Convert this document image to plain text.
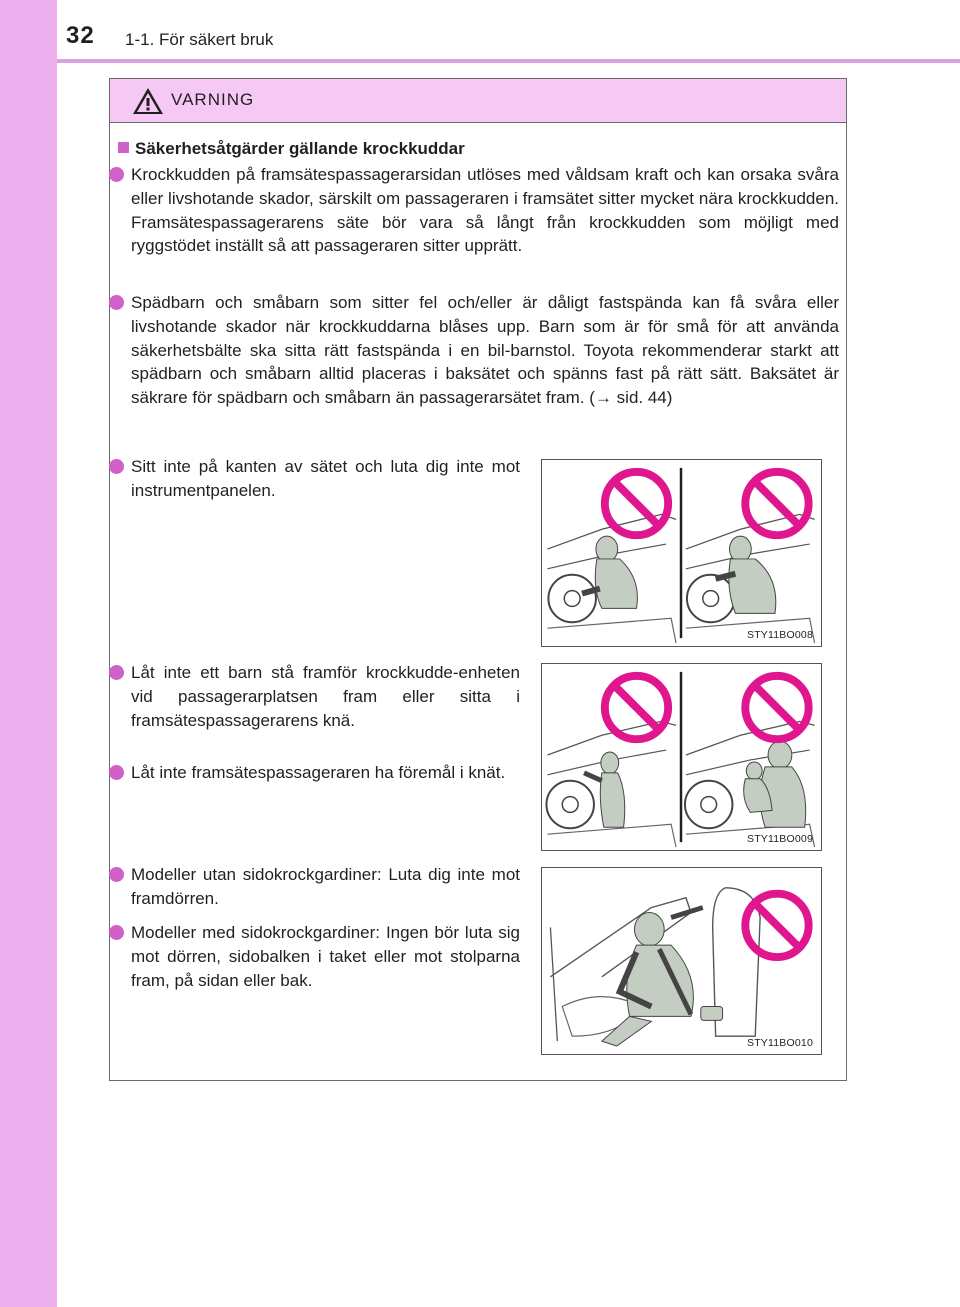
32 1-1. För säkert bruk
VARNING
Säkerhetsåtgärder gällande krockkuddar
Krockkudden på framsätespassagerarsidan utlöses med våldsam kraft och kan orsaka svåra eller livshotande skador, särskilt om passageraren i framsätet sitter mycket nära krockkudden. Framsätespassagerarens säte bör vara så långt från krockkudden som möjligt med ryggstödet inställt så att passageraren sitter upprätt.
Spädbarn och småbarn som sitter fel och/eller är dåligt fastspända kan få svåra eller livshotande skador när krockkuddarna blåses upp. Barn som är för små för att använda säkerhetsbälte ska sitta rätt fastspända i en bil-barnstol. Toyota rekommenderar starkt att spädbarn och småbarn alltid placeras i baksätet och spänns fast på rätt sätt. Baksätet är säkrare för spädbarn och småbarn än passagerarsätet fram. (→ sid. 44)
Sitt inte på kanten av sätet och luta dig inte mot instrumentpanelen.
Låt inte ett barn stå framför krockkudde-enheten vid passagerarplatsen fram eller sitta i framsätespassagerarens knä.
Låt inte framsätespassageraren ha föremål i knät.
Modeller utan sidokrockgardiner: Luta dig inte mot framdörren.
Modeller med sidokrockgardiner: Ingen bör luta sig mot dörren, sidobalken i taket eller mot stolparna fram, på sidan eller bak.
STY11BO008
STY11BO009
STY11BO010
